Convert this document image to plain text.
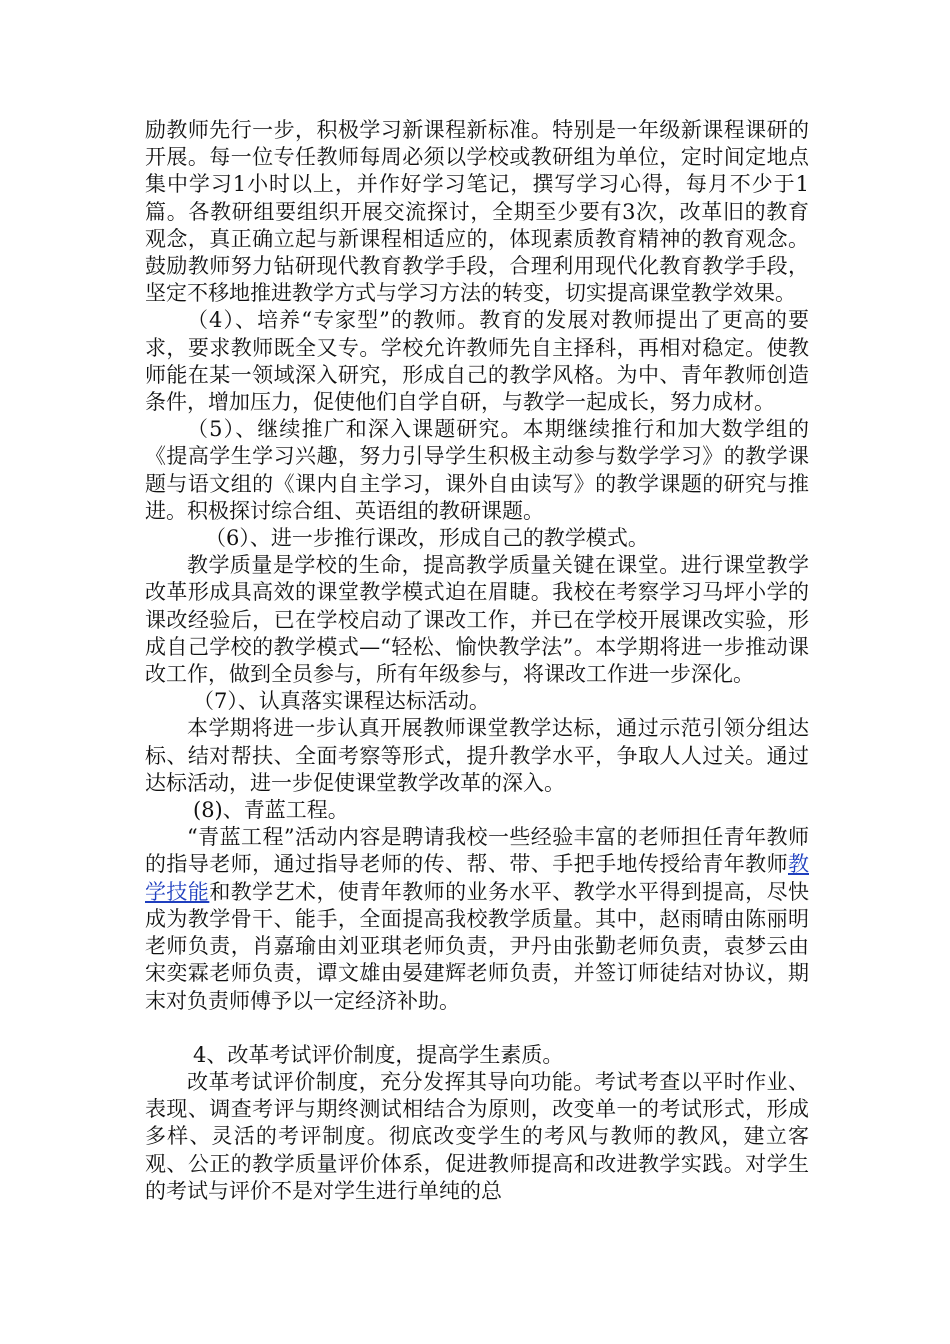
励教师先行一步，积极学习新课程新标准。特别是一年级新课程课研的开展。每一位专任教师每周必须以学校或教研组为单位，定时间定地点集中学习1小时以上，并作好学习笔记，撰写学习心得，每月不少于1篇。各教研组要组织开展交流探讨，全期至少要有3次，改革旧的教育观念，真正确立起与新课程相适应的，体现素质教育精神的教育观念。鼓励教师努力钻研现代教育教学手段，合理利用现代化教育教学手段，坚定不移地推进教学方式与学习方法的转变，切实提高课堂教学效果。

（4）、培养“专家型”的教师。教育的发展对教师提出了更高的要求，要求教师既全又专。学校允许教师先自主择科，再相对稳定。使教师能在某一领域深入研究，形成自己的教学风格。为中、青年教师创造条件，增加压力，促使他们自学自研，与教学一起成长，努力成材。

（5）、继续推广和深入课题研究。本期继续推行和加大数学组的《提高学生学习兴趣，努力引导学生积极主动参与数学学习》的教学课题与语文组的《课内自主学习，课外自由读写》的教学课题的研究与推进。积极探讨综合组、英语组的教研课题。

（6）、进一步推行课改，形成自己的教学模式。

教学质量是学校的生命，提高教学质量关键在课堂。进行课堂教学改革形成具高效的课堂教学模式迫在眉睫。我校在考察学习马坪小学的课改经验后，已在学校启动了课改工作，并已在学校开展课改实验，形成自己学校的教学模式—“轻松、愉快教学法”。本学期将进一步推动课改工作，做到全员参与，所有年级参与，将课改工作进一步深化。

（7）、认真落实课程达标活动。

本学期将进一步认真开展教师课堂教学达标，通过示范引领分组达标、结对帮扶、全面考察等形式，提升教学水平，争取人人过关。通过达标活动，进一步促使课堂教学改革的深入。

(8)、青蓝工程。

“青蓝工程”活动内容是聘请我校一些经验丰富的老师担任青年教师的指导老师，通过指导老师的传、帮、带、手把手地传授给青年教师教学技能和教学艺术，使青年教师的业务水平、教学水平得到提高，尽快成为教学骨干、能手，全面提高我校教学质量。其中，赵雨晴由陈丽明老师负责，肖嘉瑜由刘亚琪老师负责，尹丹由张勤老师负责，袁梦云由宋奕霖老师负责，谭文雄由晏建辉老师负责，并签订师徒结对协议，期末对负责师傅予以一定经济补助。

4、改革考试评价制度，提高学生素质。

改革考试评价制度，充分发挥其导向功能。考试考查以平时作业、表现、调查考评与期终测试相结合为原则，改变单一的考试形式，形成多样、灵活的考评制度。彻底改变学生的考风与教师的教风，建立客观、公正的教学质量评价体系，促进教师提高和改进教学实践。对学生的考试与评价不是对学生进行单纯的总
